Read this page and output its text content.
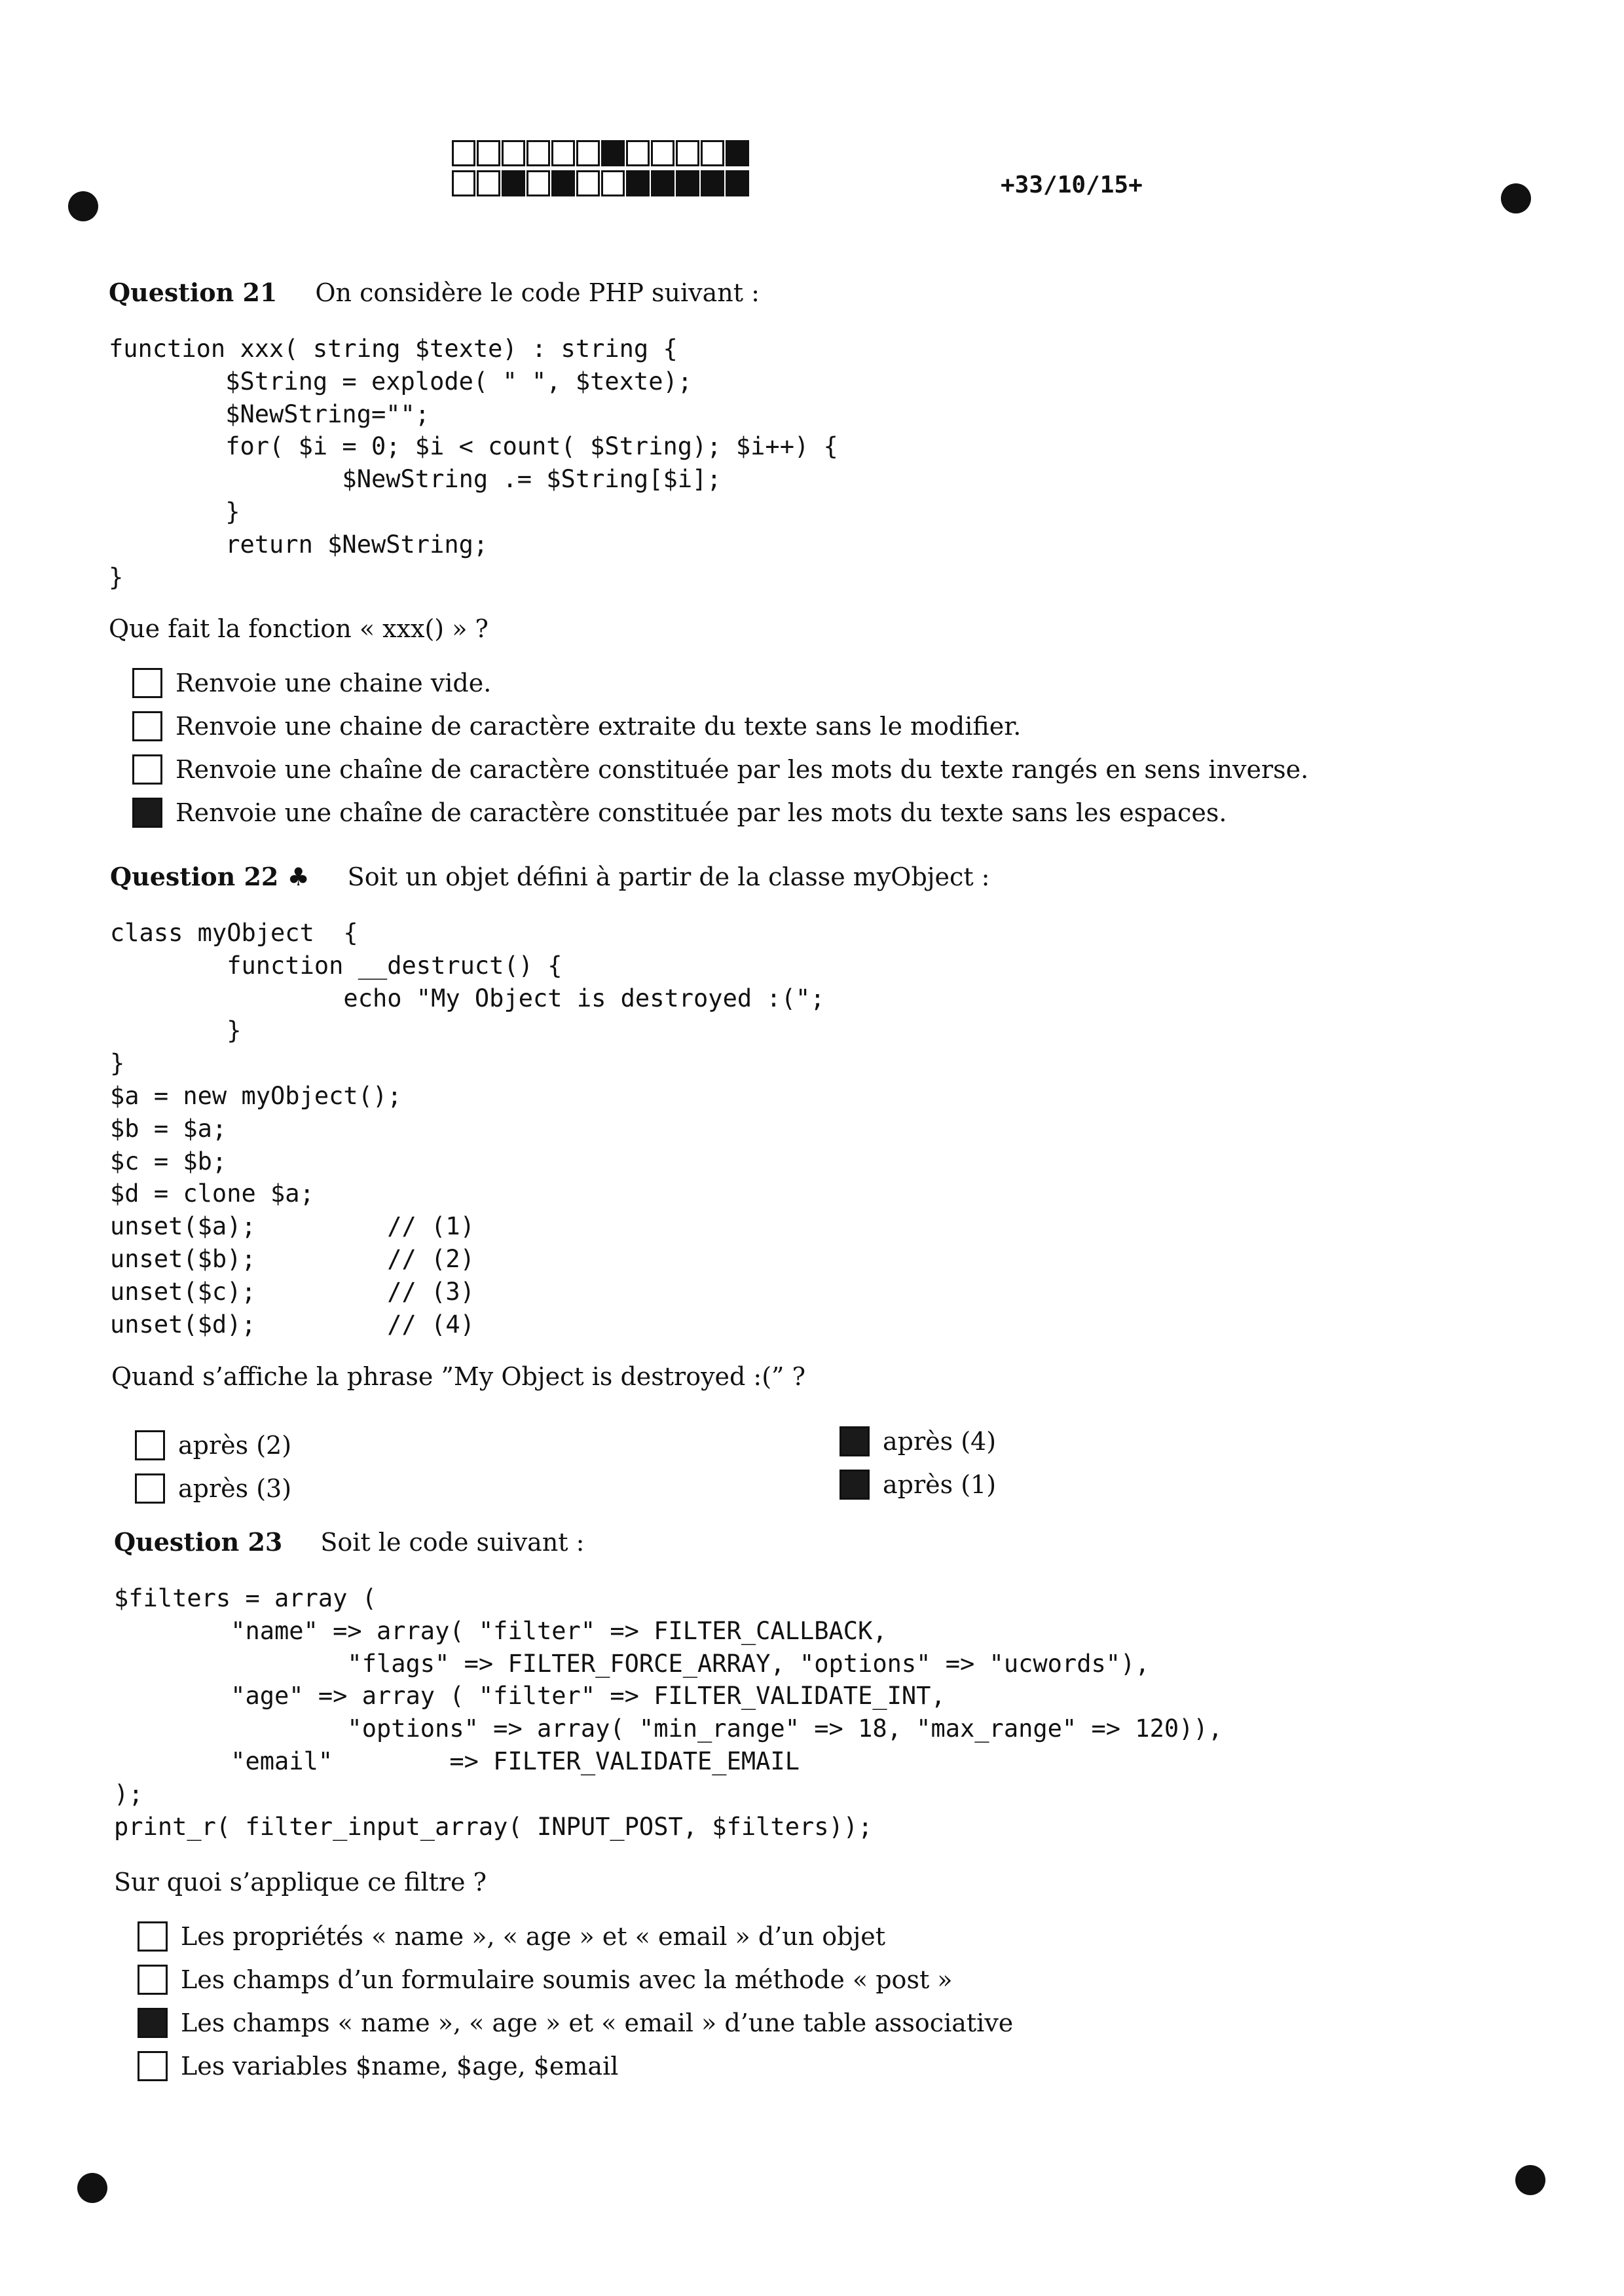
+33/10/15+
Question 21 On considère le code PHP suivant :
function xxx( string $texte) : string {
$String = explode( " ", $texte);
$NewString="";
for( $i = 0; $i < count( $String); $i++) {
$NewString .= $String[$i];
}
return $NewString;
}
Que fait la fonction « xxx() » ?
Renvoie une chaine vide.
Renvoie une chaine de caractère extraite du texte sans le modifier.
Renvoie une chaîne de caractère constituée par les mots du texte rangés en sens inverse.
Renvoie une chaîne de caractère constituée par les mots du texte sans les espaces.
Question 22 ♣ Soit un objet défini à partir de la classe myObject :
class myObject  {
function __destruct() {
echo "My Object is destroyed :(";
}
}
$a = new myObject();
$b = $a;
$c = $b;
$d = clone $a;
unset($a);         // (1)
unset($b);         // (2)
unset($c);         // (3)
unset($d);         // (4)
Quand s’affiche la phrase ”My Object is destroyed :(” ?
après (2)
après (3)
après (4)
après (1)
Question 23 Soit le code suivant :
$filters = array (
"name" => array( "filter" => FILTER_CALLBACK,
"flags" => FILTER_FORCE_ARRAY, "options" => "ucwords"),
"age" => array ( "filter" => FILTER_VALIDATE_INT,
"options" => array( "min_range" => 18, "max_range" => 120)),
"email"        => FILTER_VALIDATE_EMAIL
);
print_r( filter_input_array( INPUT_POST, $filters));
Sur quoi s’applique ce filtre ?
Les propriétés « name », « age » et « email » d’un objet
Les champs d’un formulaire soumis avec la méthode « post »
Les champs « name », « age » et « email » d’une table associative
Les variables $name, $age, $email
